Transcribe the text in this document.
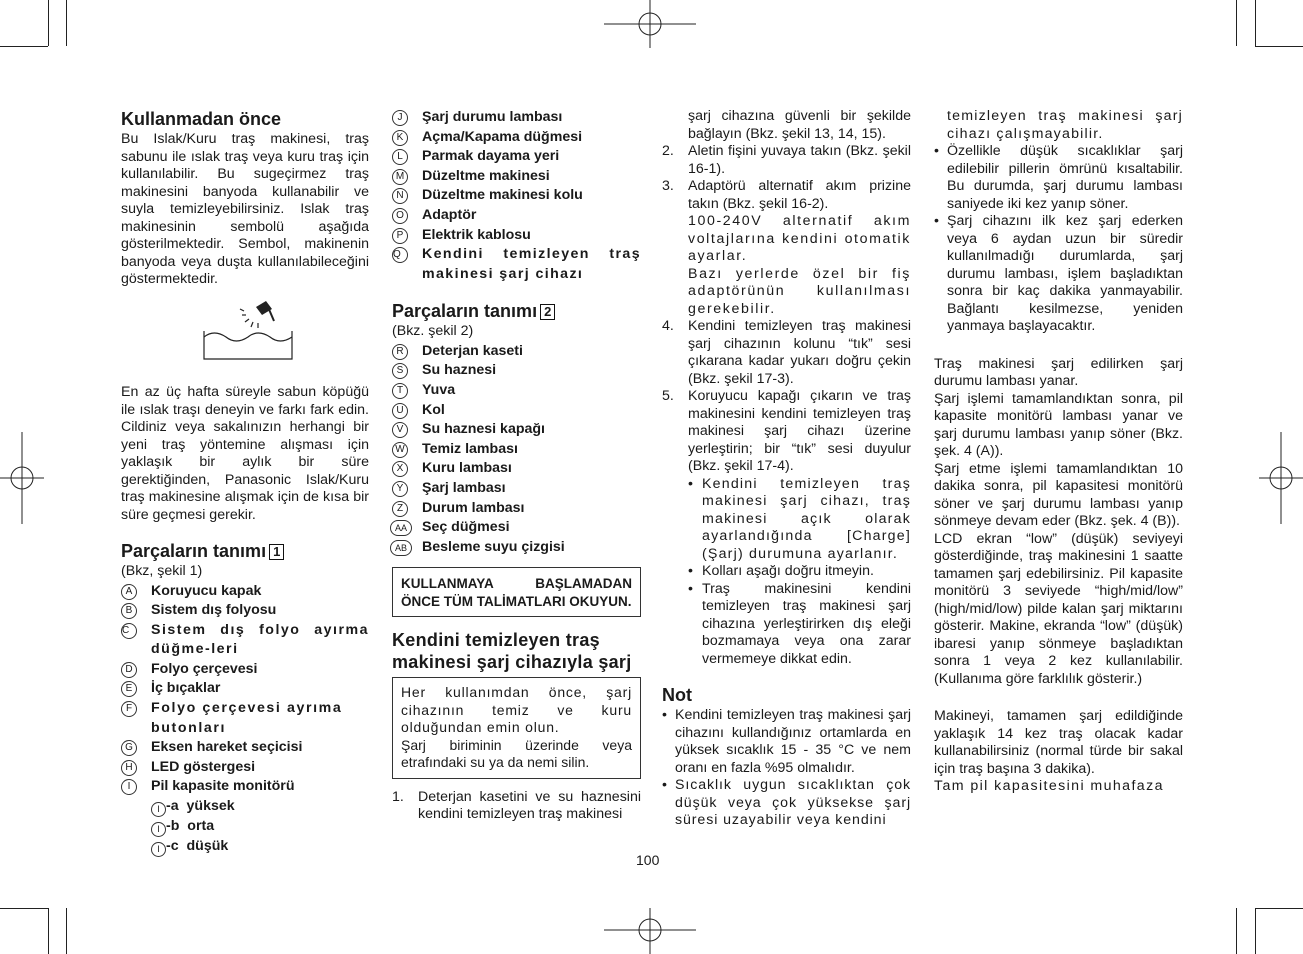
Kullanmadan önce

Bu Islak/Kuru traş makinesi, traş sabunu ile ıslak traş veya kuru traş için kullanılabilir. Bu sugeçirmez traş makinesini banyoda kullanabilir ve suyla temizleyebilirsiniz. Islak traş makinesinin sembolü aşağıda gösterilmektedir. Sembol, makinenin banyoda veya duşta kullanılabileceğini göstermektedir.

En az üç hafta süreyle sabun köpüğü ile ıslak traşı deneyin ve farkı fark edin. Cildiniz veya sakalınızın herhangi bir yeni traş yöntemine alışması için yaklaşık bir aylık bir süre gerektiğinden, Panasonic Islak/Kuru traş makinesine alışmak için de kısa bir süre geçmesi gerekir.

Parçaların tanımı 1
(Bkz, şekil 1)
A	Koruyucu kapak
B	Sistem dış folyosu
C	Sistem dış folyo ayırma düğme-leri
D	Folyo çerçevesi
E	İç bıçaklar
F	Folyo çerçevesi ayrıma butonları
G Eksen hareket seçicisi
H	LED göstergesi
I	Pil kapasite monitörü
I -a yüksek
I -b orta
I -c düşük
J	Şarj durumu lambası
K	Açma/Kapama düğmesi
L	Parmak dayama yeri
M Düzeltme makinesi
N	Düzeltme makinesi kolu
O Adaptör
P	Elektrik kablosu
Q	Kendini temizleyen traş makinesi şarj cihazı
Parçaların tanımı 2
(Bkz. şekil 2)
R	Deterjan kaseti
S	Su haznesi
T	Yuva
U	Kol
V	Su haznesi kapağı
W Temiz lambası
X	Kuru lambası
Y	Şarj lambası
Z	Durum lambası
AA	Seç düğmesi
AB	Besleme suyu çizgisi
KULLANMAYA BAŞLAMADAN ÖNCE TÜM TALİMATLARI OKUYUN.
Kendini temizleyen traş makinesi şarj cihazıyla şarj
Her kullanımdan önce, şarj cihazının temiz ve kuru olduğundan emin olun.
Şarj biriminin üzerinde veya etrafındaki su ya da nemi silin.
1. Deterjan kasetini ve su haznesini kendini temizleyen traş makinesi
şarj cihazına güvenli bir şekilde bağlayın (Bkz. şekil 13, 14, 15).
2. Aletin fişini yuvaya takın (Bkz. şekil 16-1).
3. Adaptörü alternatif akım prizine takın (Bkz. şekil 16-2).
100-240V alternatif akım voltajlarına kendini otomatik ayarlar.
Bazı yerlerde özel bir fiş adaptörünün kullanılması gerekebilir.
4. Kendini temizleyen traş makinesi şarj cihazının kolunu “tık” sesi çıkarana kadar yukarı doğru çekin (Bkz. şekil 17-3).
5. Koruyucu kapağı çıkarın ve traş makinesini kendini temizleyen traş makinesi şarj cihazı üzerine yerleştirin; bir “tık” sesi duyulur (Bkz. şekil 17-4).
• Kendini temizleyen traş makinesi şarj cihazı, traş makinesi açık olarak ayarlandığında [Charge] (Şarj) durumuna ayarlanır.
• Kolları aşağı doğru itmeyin.
• Traş makinesini kendini temizleyen traş makinesi şarj cihazına yerleştirirken dış eleği bozmamaya veya ona zarar vermemeye dikkat edin.
Not
• Kendini temizleyen traş makinesi şarj cihazını kullandığınız ortamlarda en yüksek sıcaklık 15 - 35 °C ve nem oranı en fazla %95 olmalıdır.
• Sıcaklık uygun sıcaklıktan çok düşük veya çok yüksekse şarj süresi uzayabilir veya kendini
temizleyen traş makinesi şarj cihazı çalışmayabilir.
• Özellikle düşük sıcaklıklar şarj edilebilir pillerin ömrünü kısaltabilir. Bu durumda, şarj durumu lambası saniyede iki kez yanıp söner.
• Şarj cihazını ilk kez şarj ederken veya 6 aydan uzun bir süredir kullanılmadığı durumlarda, şarj durumu lambası, işlem başladıktan sonra bir kaç dakika yanmayabilir. Bağlantı kesilmezse, yeniden yanmaya başlayacaktır.

Traş makinesi şarj edilirken şarj durumu lambası yanar.

Şarj işlemi tamamlandıktan sonra, pil kapasite monitörü lambası yanar ve şarj durumu lambası yanıp söner (Bkz. şek. 4 (A)).

Şarj etme işlemi tamamlandıktan 10 dakika sonra, pil kapasitesi monitörü söner ve şarj durumu lambası yanıp sönmeye devam eder (Bkz. şek. 4 (B)).

LCD ekran “low” (düşük) seviyeyi gösterdiğinde, traş makinesini 1 saatte tamamen şarj edebilirsiniz. Pil kapasite monitörü 3 seviyede “high/mid/low” (high/mid/low) pilde kalan şarj miktarını gösterir. Makine, ekranda “low” (düşük) ibaresi yanıp sönmeye başladıktan sonra 1 veya 2 kez kullanılabilir. (Kullanıma göre farklılık gösterir.)

Makineyi, tamamen şarj edildiğinde yaklaşık 14 kez traş olacak kadar kullanabilirsiniz (normal türde bir sakal için traş başına 3 dakika).

Tam pil kapasitesini muhafaza

100
